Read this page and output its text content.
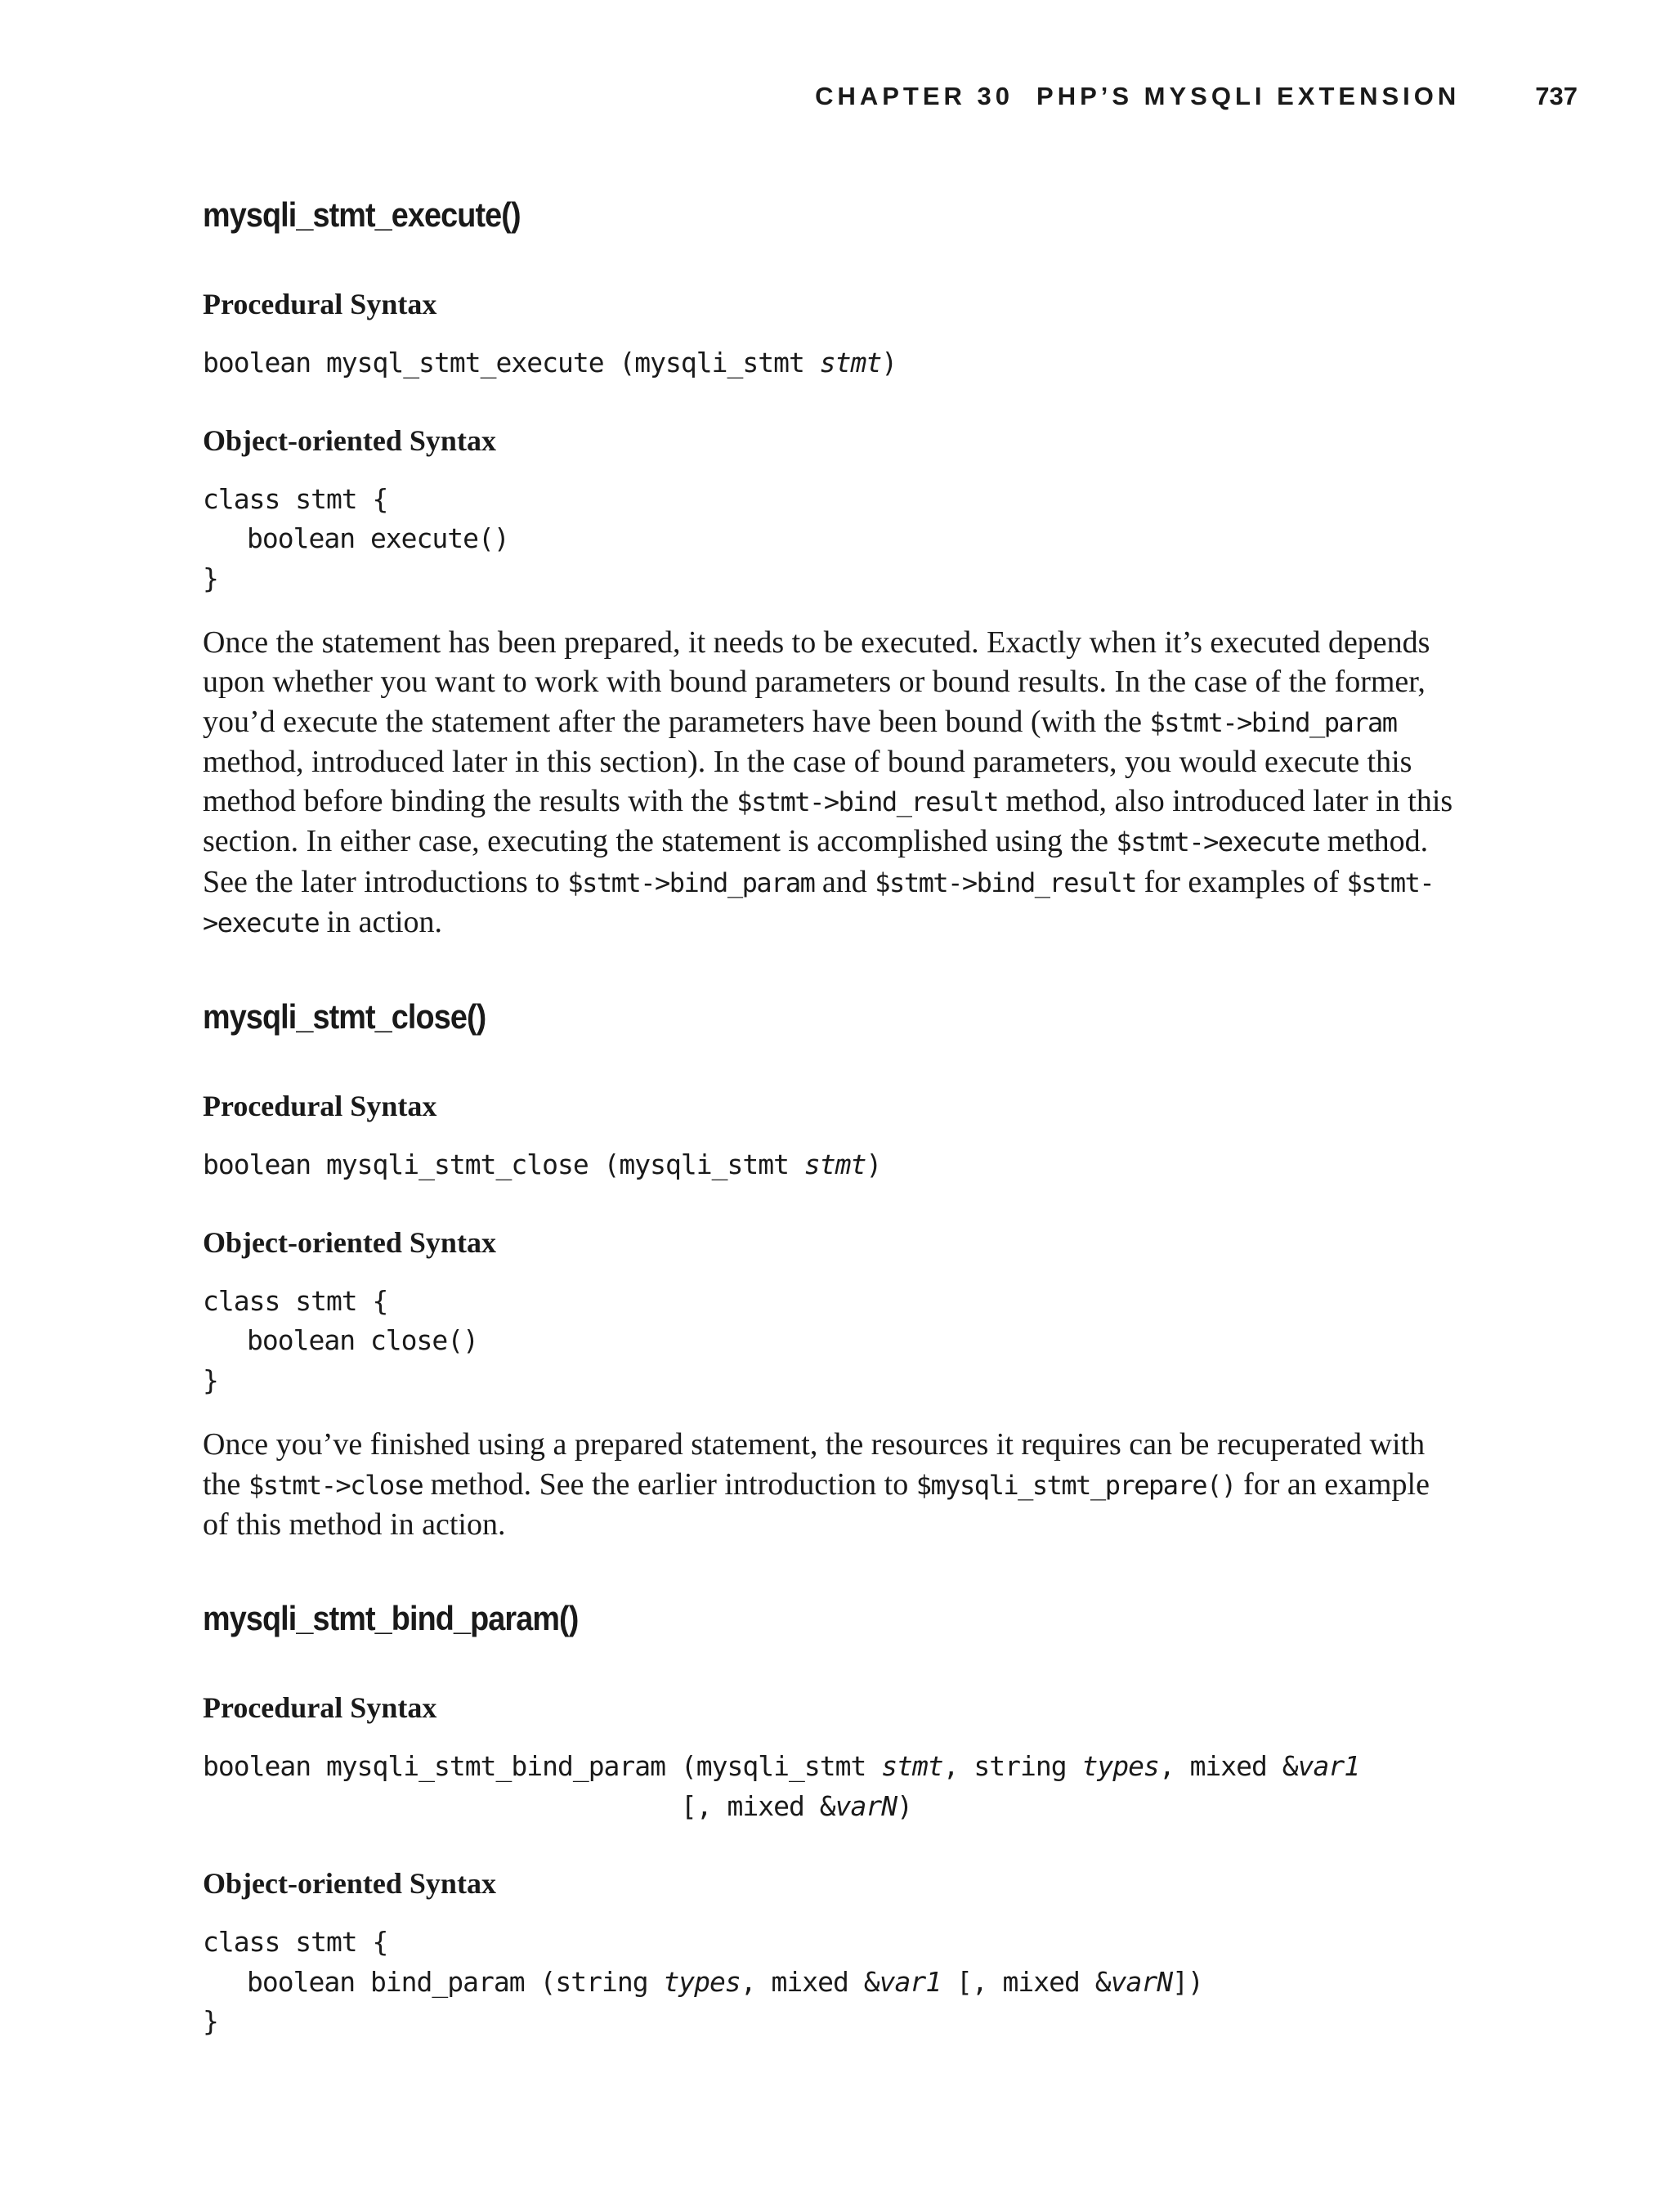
CHAPTER 30 PHP’S MYSQLI EXTENSION	737
mysqli_stmt_execute()
Procedural Syntax
boolean mysql_stmt_execute (mysqli_stmt stmt)
Object-oriented Syntax
class stmt {
boolean execute()
}

Once the statement has been prepared, it needs to be executed. Exactly when it’s executed depends upon whether you want to work with bound parameters or bound results. In the case of the former, you’d execute the statement after the parameters have been bound (with the $stmt->bind_param method, introduced later in this section). In the case of bound parameters, you would execute this method before binding the results with the $stmt->bind_result method, also introduced later in this section. In either case, executing the statement is accomplished using the $stmt->execute method. See the later introductions to $stmt->bind_param and $stmt->bind_result for examples of $stmt->execute in action.

mysqli_stmt_close()
Procedural Syntax
boolean mysqli_stmt_close (mysqli_stmt stmt)
Object-oriented Syntax
class stmt {
boolean close()
}

Once you’ve finished using a prepared statement, the resources it requires can be recuperated with the $stmt->close method. See the earlier introduction to $mysqli_stmt_prepare() for an example of this method in action.

mysqli_stmt_bind_param()
Procedural Syntax
boolean mysqli_stmt_bind_param (mysqli_stmt stmt, string types, mixed &var1
[, mixed &varN)
Object-oriented Syntax
class stmt {
boolean bind_param (string types, mixed &var1 [, mixed &varN])
}
